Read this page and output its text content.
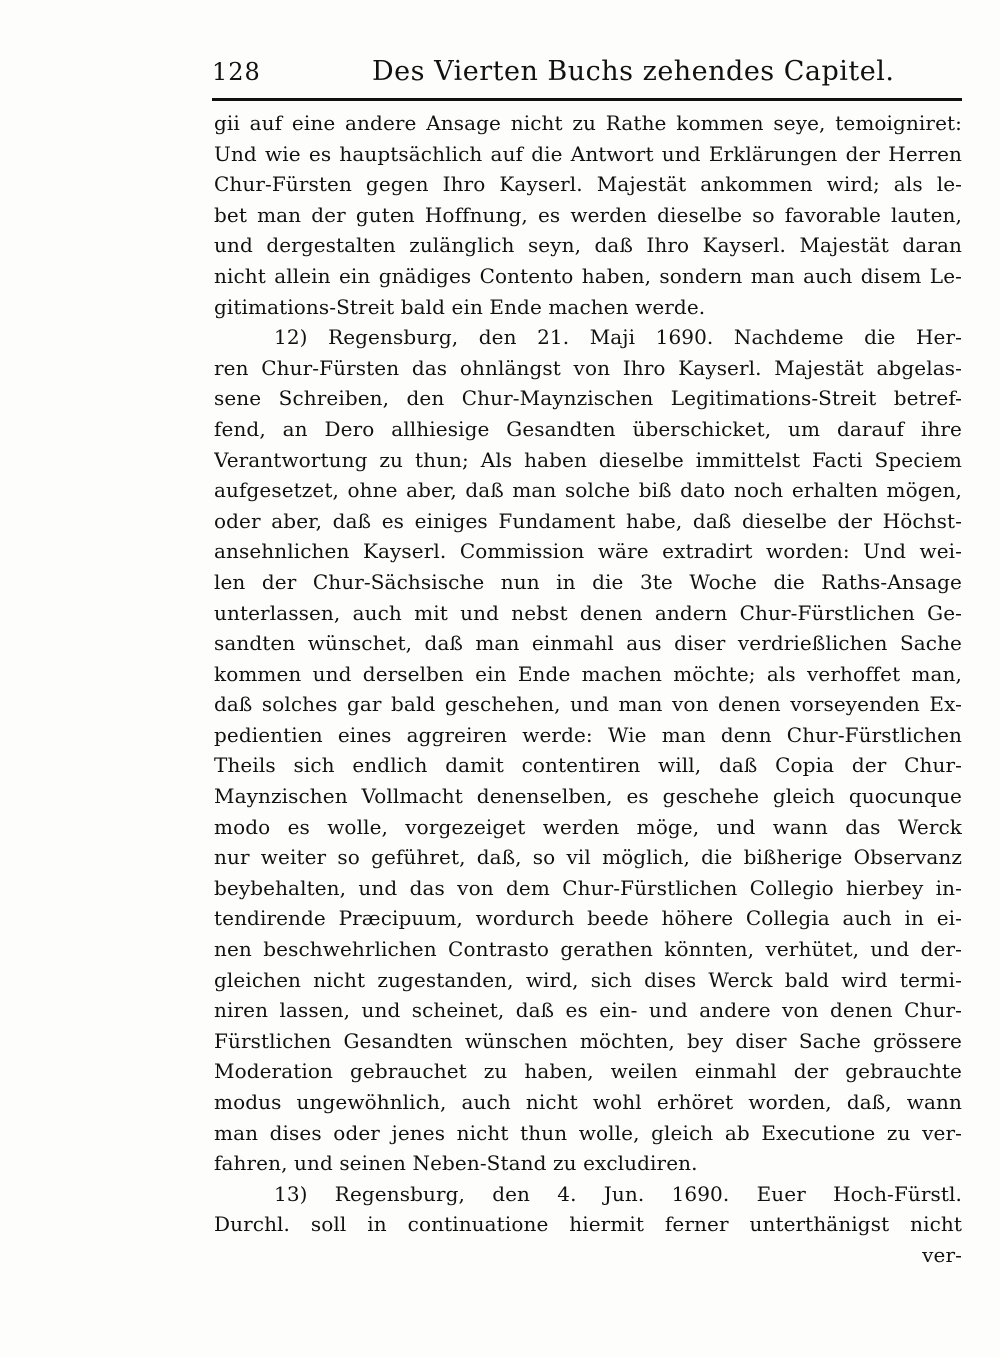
128	Des Vierten Buchs zehendes Capitel.
gii auf eine andere Ansage nicht zu Rathe kommen seye, temoigniret:
Und wie es hauptsächlich auf die Antwort und Erklärungen der Herren
Chur-Fürsten gegen Ihro Kayserl. Majestät ankommen wird; als le-
bet man der guten Hoffnung, es werden dieselbe so favorable lauten,
und dergestalten zulänglich seyn, daß Ihro Kayserl. Majestät daran
nicht allein ein gnädiges Contento haben, sondern man auch disem Le-
gitimations-Streit bald ein Ende machen werde.
12) Regensburg, den 21. Maji 1690. Nachdeme die Her-
ren Chur-Fürsten das ohnlängst von Ihro Kayserl. Majestät abgelas-
sene Schreiben, den Chur-Maynzischen Legitimations-Streit betref-
fend, an Dero allhiesige Gesandten überschicket, um darauf ihre
Verantwortung zu thun; Als haben dieselbe immittelst Facti Speciem
aufgesetzet, ohne aber, daß man solche biß dato noch erhalten mögen,
oder aber, daß es einiges Fundament habe, daß dieselbe der Höchst-
ansehnlichen Kayserl. Commission wäre extradirt worden: Und wei-
len der Chur-Sächsische nun in die 3te Woche die Raths-Ansage
unterlassen, auch mit und nebst denen andern Chur-Fürstlichen Ge-
sandten wünschet, daß man einmahl aus diser verdrießlichen Sache
kommen und derselben ein Ende machen möchte; als verhoffet man,
daß solches gar bald geschehen, und man von denen vorseyenden Ex-
pedientien eines aggreiren werde: Wie man denn Chur-Fürstlichen
Theils sich endlich damit contentiren will, daß Copia der Chur-
Maynzischen Vollmacht denenselben, es geschehe gleich quocunque
modo es wolle, vorgezeiget werden möge, und wann das Werck
nur weiter so geführet, daß, so vil möglich, die bißherige Observanz
beybehalten, und das von dem Chur-Fürstlichen Collegio hierbey in-
tendirende Præcipuum, wordurch beede höhere Collegia auch in ei-
nen beschwehrlichen Contrasto gerathen könnten, verhütet, und der-
gleichen nicht zugestanden, wird, sich dises Werck bald wird termi-
niren lassen, und scheinet, daß es ein- und andere von denen Chur-
Fürstlichen Gesandten wünschen möchten, bey diser Sache grössere
Moderation gebrauchet zu haben, weilen einmahl der gebrauchte
modus ungewöhnlich, auch nicht wohl erhöret worden, daß, wann
man dises oder jenes nicht thun wolle, gleich ab Executione zu ver-
fahren, und seinen Neben-Stand zu excludiren.
13) Regensburg, den 4. Jun. 1690. Euer Hoch-Fürstl.
Durchl. soll in continuatione hiermit ferner unterthänigst nicht
ver-
